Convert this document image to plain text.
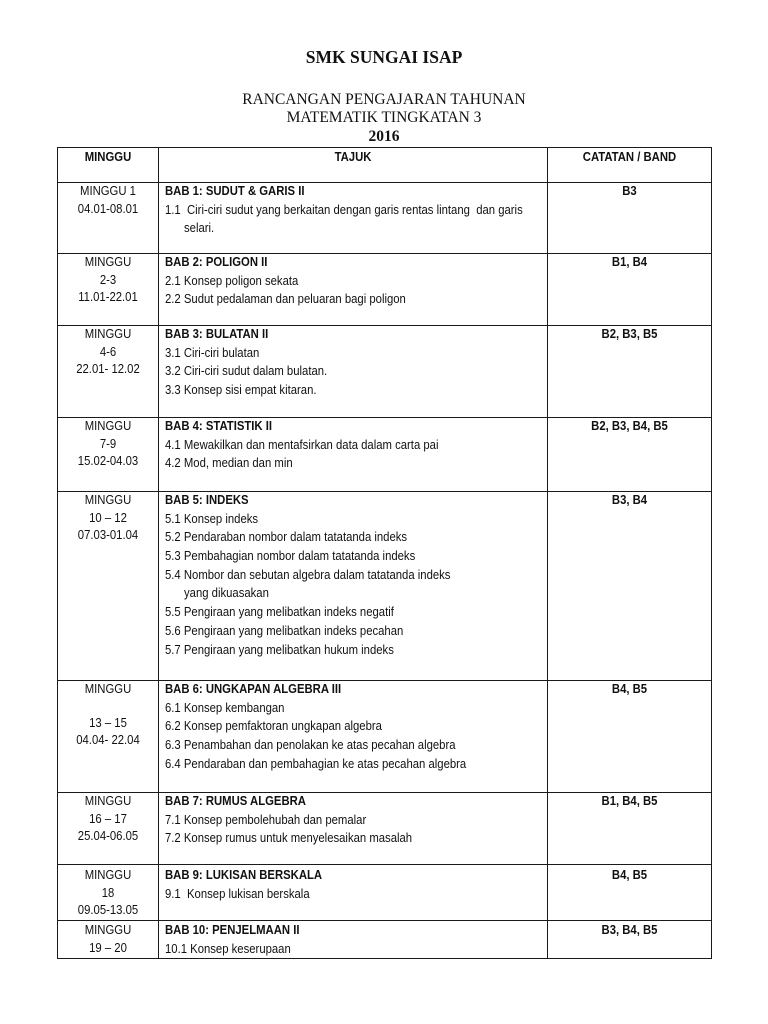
SMK SUNGAI ISAP
RANCANGAN PENGAJARAN TAHUNAN
MATEMATIK TINGKATAN 3
2016
MINGGU	TAJUK	CATATAN / BAND
MINGGU 1
04.01-08.01
BAB 1: SUDUT & GARIS II
1.1  Ciri-ciri sudut yang berkaitan dengan garis rentas lintang  dan garis
selari.
B3
MINGGU
2-3
11.01-22.01
BAB 2: POLIGON II
2.1 Konsep poligon sekata
2.2 Sudut pedalaman dan peluaran bagi poligon
B1, B4
MINGGU
4-6
22.01- 12.02
BAB 3: BULATAN II
3.1 Ciri-ciri bulatan
3.2 Ciri-ciri sudut dalam bulatan.
3.3 Konsep sisi empat kitaran.
B2, B3, B5
MINGGU
7-9
15.02-04.03
BAB 4: STATISTIK II
4.1 Mewakilkan dan mentafsirkan data dalam carta pai
4.2 Mod, median dan min
B2, B3, B4, B5
MINGGU
10 – 12
07.03-01.04
BAB 5: INDEKS
5.1 Konsep indeks
5.2 Pendaraban nombor dalam tatatanda indeks
5.3 Pembahagian nombor dalam tatatanda indeks
5.4 Nombor dan sebutan algebra dalam tatatanda indeks
yang dikuasakan
5.5 Pengiraan yang melibatkan indeks negatif
5.6 Pengiraan yang melibatkan indeks pecahan
5.7 Pengiraan yang melibatkan hukum indeks
B3, B4
MINGGU
13 – 15
04.04- 22.04
BAB 6: UNGKAPAN ALGEBRA III
6.1 Konsep kembangan
6.2 Konsep pemfaktoran ungkapan algebra
6.3 Penambahan dan penolakan ke atas pecahan algebra
6.4 Pendaraban dan pembahagian ke atas pecahan algebra
B4, B5
MINGGU
16 – 17
25.04-06.05
BAB 7: RUMUS ALGEBRA
7.1 Konsep pembolehubah dan pemalar
7.2 Konsep rumus untuk menyelesaikan masalah
B1, B4, B5
MINGGU
18
09.05-13.05
BAB 9: LUKISAN BERSKALA
9.1  Konsep lukisan berskala
B4, B5
MINGGU
19 – 20
BAB 10: PENJELMAAN II
10.1 Konsep keserupaan
B3, B4, B5
